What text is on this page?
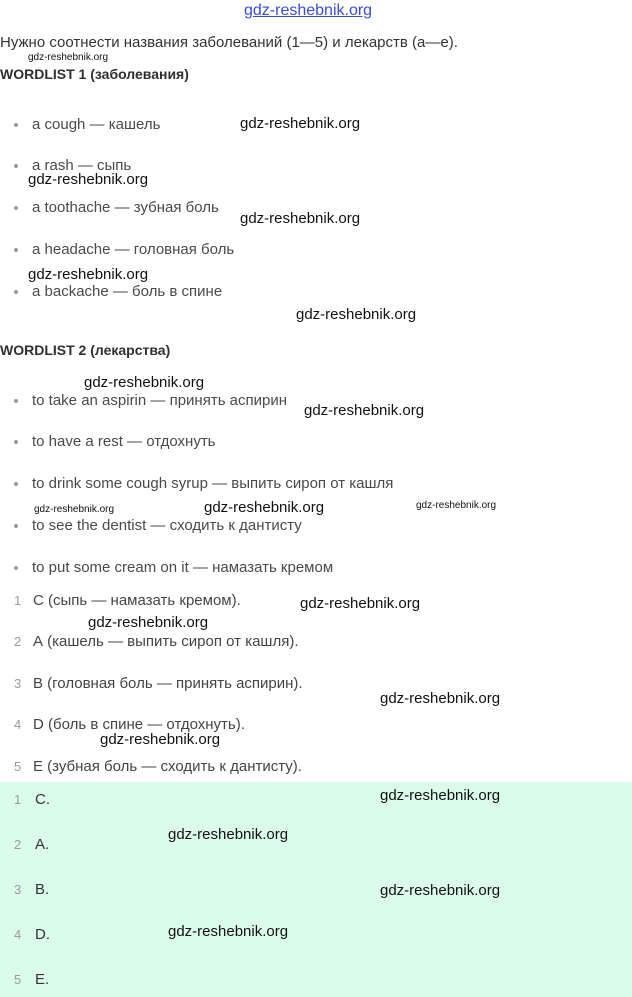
gdz-reshebnik.org
Нужно соотнести названия заболеваний (1—5) и лекарств (а—е).
WORDLIST 1 (заболевания)
a cough — кашель
a rash — сыпь
a toothache — зубная боль
a headache — головная боль
a backache — боль в спине
WORDLIST 2 (лекарства)
to take an aspirin — принять аспирин
to have a rest — отдохнуть
to drink some cough syrup — выпить сироп от кашля
to see the dentist — сходить к дантисту
to put some cream on it — намазать кремом
1 С (сыпь — намазать кремом).
2 А (кашель — выпить сироп от кашля).
3 В (головная боль — принять аспирин).
4 D (боль в спине — отдохнуть).
5 Е (зубная боль — сходить к дантисту).
1 C.
2 A.
3 B.
4 D.
5 E.
gdz-reshebnik.org
gdz-reshebnik.org
gdz-reshebnik.org
gdz-reshebnik.org
gdz-reshebnik.org
gdz-reshebnik.org
gdz-reshebnik.org
gdz-reshebnik.org
gdz-reshebnik.org	gdz-reshebnik.org	gdz-reshebnik.org
gdz-reshebnik.org
gdz-reshebnik.org
gdz-reshebnik.org
gdz-reshebnik.org
gdz-reshebnik.org
gdz-reshebnik.org
gdz-reshebnik.org
gdz-reshebnik.org
